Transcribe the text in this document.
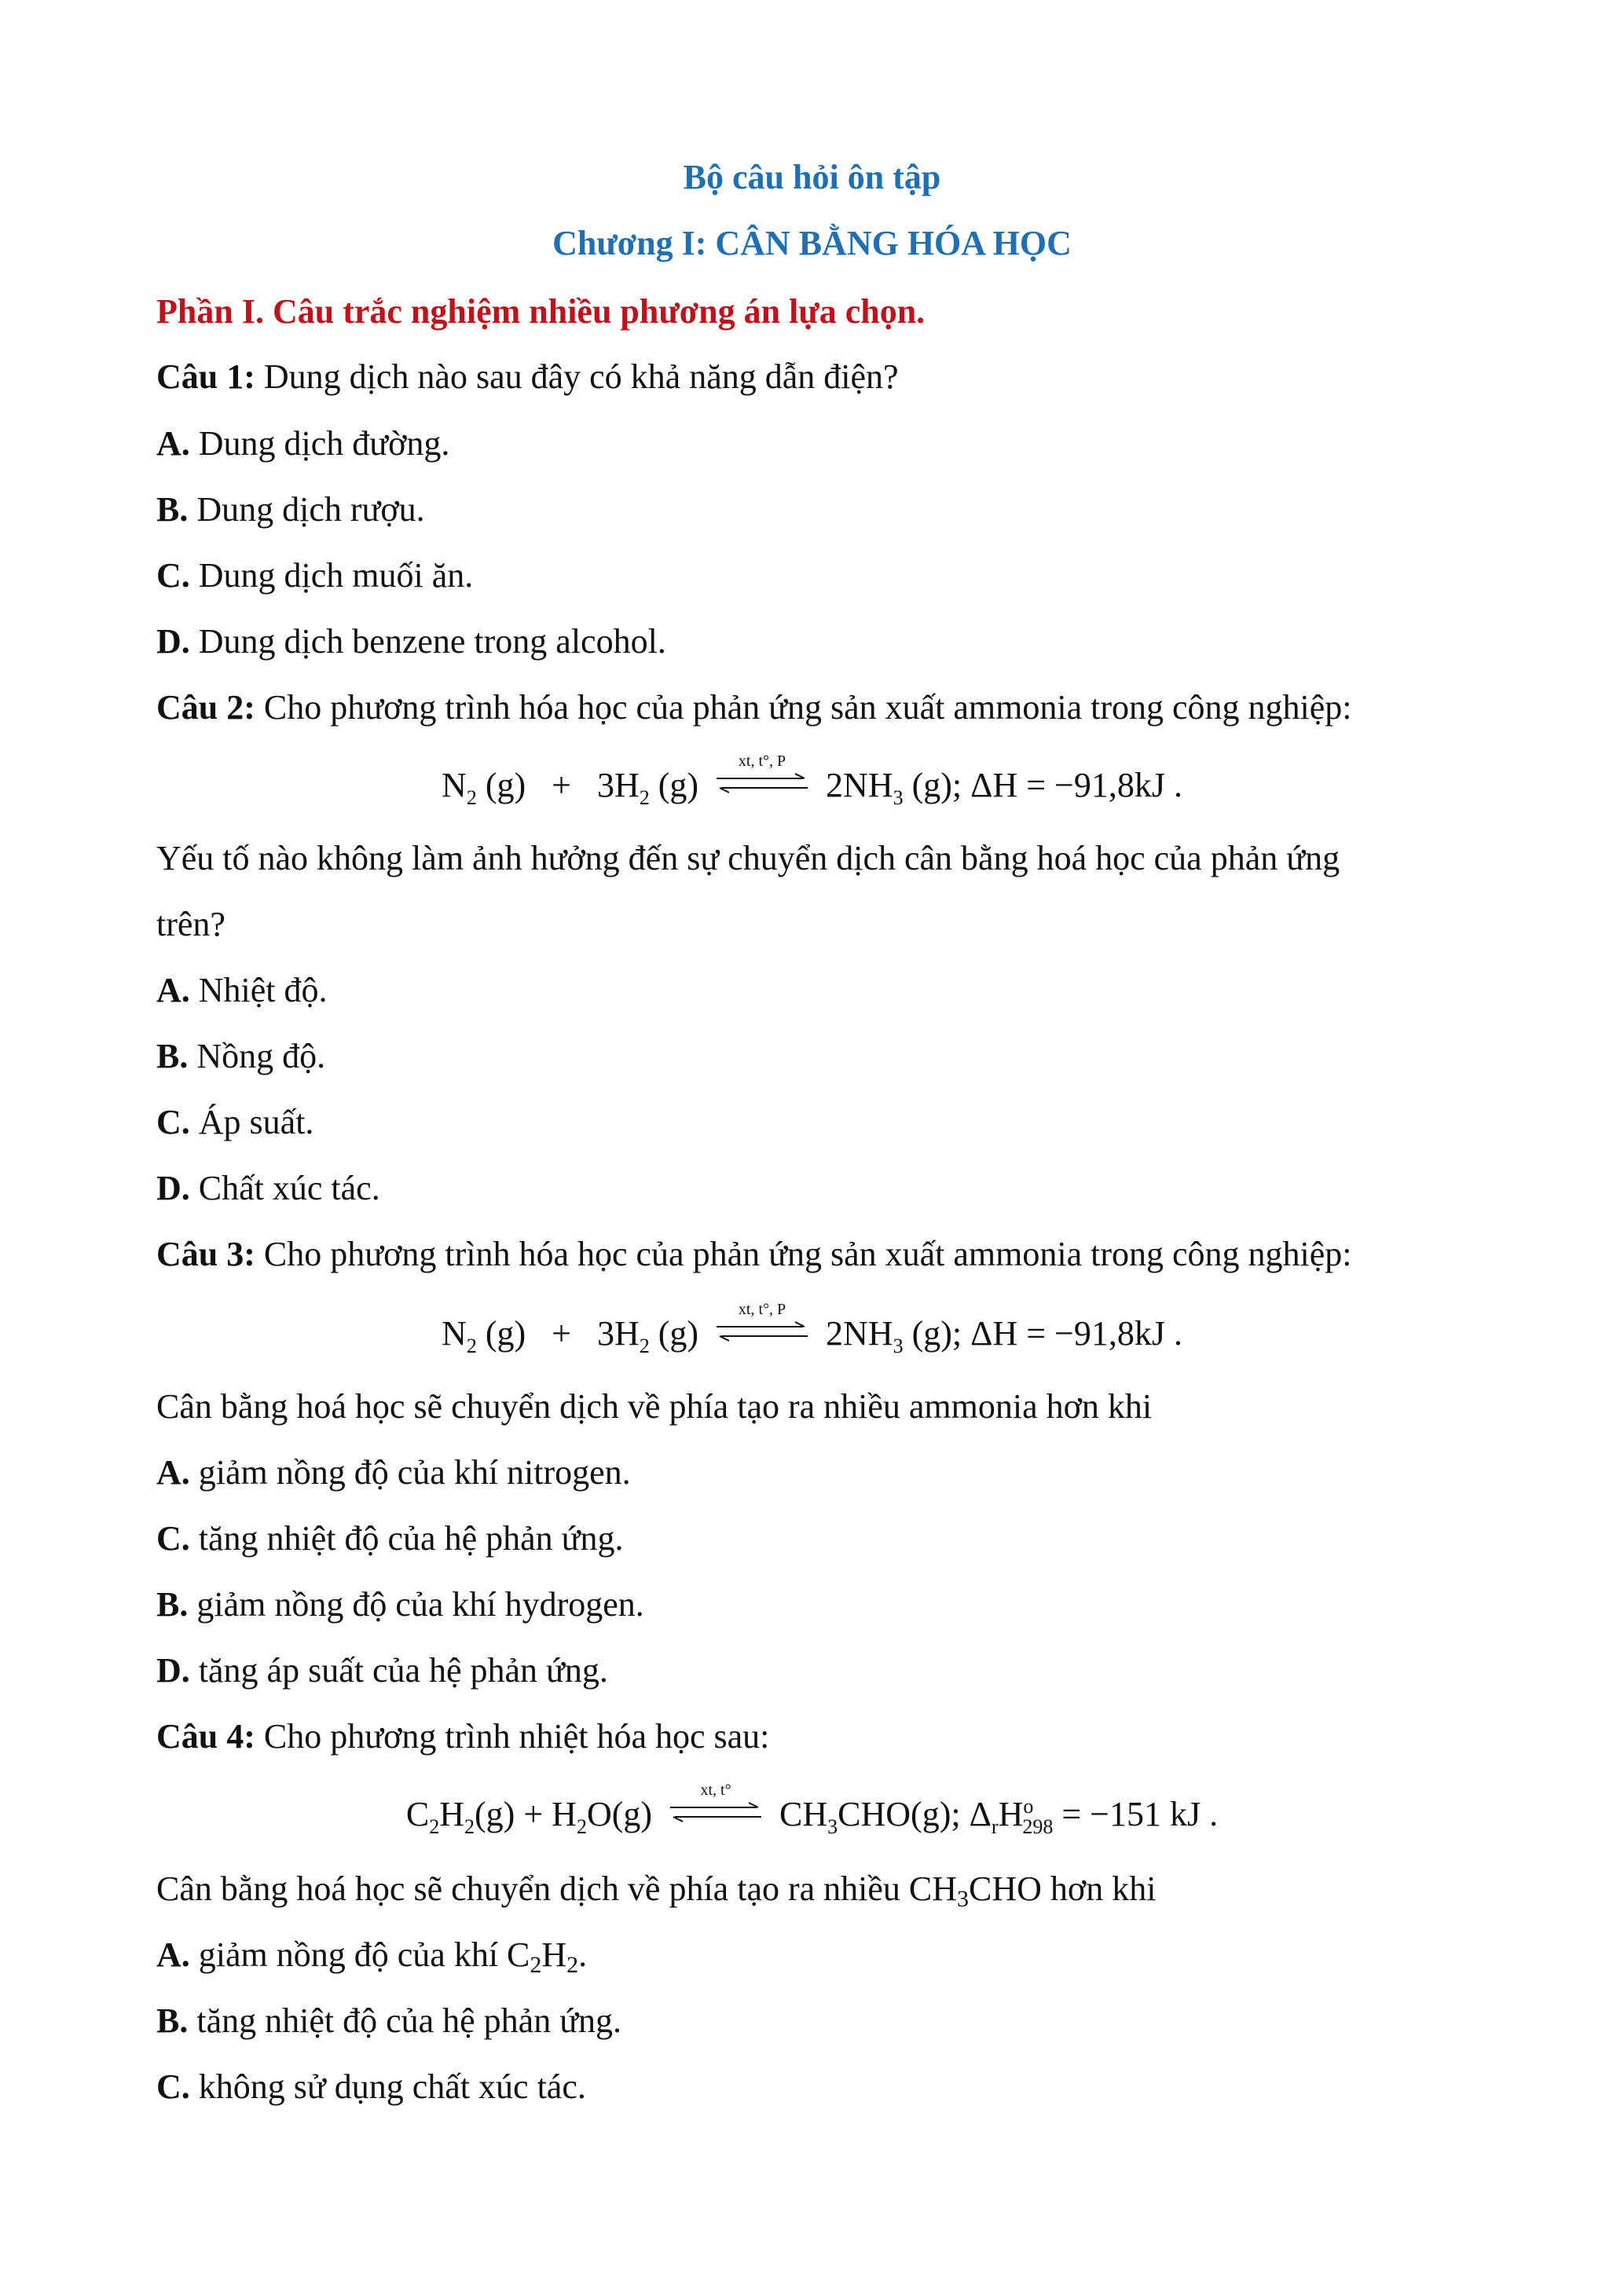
Bộ câu hỏi ôn tập
Chương I: CÂN BẰNG HÓA HỌC
Phần I. Câu trắc nghiệm nhiều phương án lựa chọn.
Câu 1: Dung dịch nào sau đây có khả năng dẫn điện?
A. Dung dịch đường.
B. Dung dịch rượu.
C. Dung dịch muối ăn.
D. Dung dịch benzene trong alcohol.
Câu 2: Cho phương trình hóa học của phản ứng sản xuất ammonia trong công nghiệp:
$N_2$ $(g) + 3H_2$ (g)
xt, t°, P
$2NH_3$ (g); ΔH = −91,8kJ .
Yếu tố nào không làm ảnh hưởng đến sự chuyển dịch cân bằng hoá học của phản ứng
trên?
A. Nhiệt độ.
B. Nồng độ.
C. Áp suất.
D. Chất xúc tác.
Câu 3: Cho phương trình hóa học của phản ứng sản xuất ammonia trong công nghiệp:
$N_2$ $(g) + 3H_2$ (g)
xt, t°, P
$2NH_3$ (g); ΔH = −91,8kJ .
Cân bằng hoá học sẽ chuyển dịch về phía tạo ra nhiều ammonia hơn khi
A. giảm nồng độ của khí nitrogen.
C. tăng nhiệt độ của hệ phản ứng.
B. giảm nồng độ của khí hydrogen.
D. tăng áp suất của hệ phản ứng.
Câu 4: Cho phương trình nhiệt hóa học sau:
$C_2H_2(g) + H_2O(g)$
xt, t°
$CH_3CHO(g)$; $\Delta_rH^o_{298} = -151$ kJ .
Cân bằng hoá học sẽ chuyển dịch về phía tạo ra nhiều $CH_3CHO$ hơn khi
A. giảm nồng độ của khí $C_2H_2$.
B. tăng nhiệt độ của hệ phản ứng.
C. không sử dụng chất xúc tác.
